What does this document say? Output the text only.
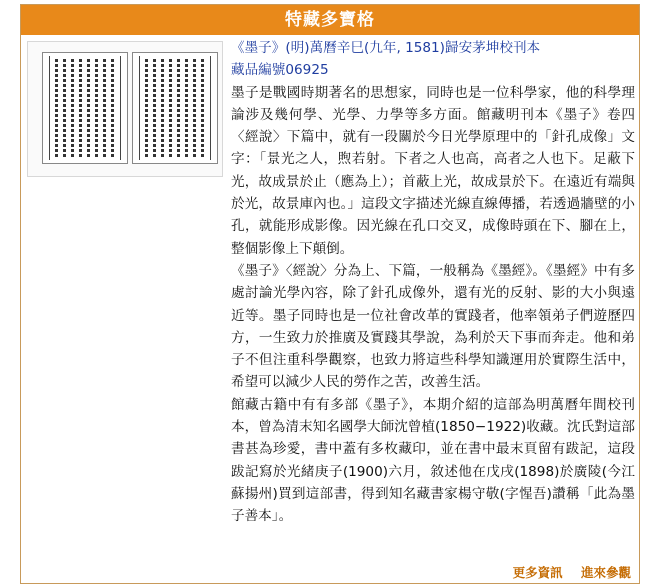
特藏多寶格
《墨子》(明)萬曆辛巳(九年, 1581)歸安茅坤校刊本
藏品編號06925

墨子是戰國時期著名的思想家，同時也是一位科學家，他的科學理論涉及幾何學、光學、力學等多方面。館藏明刊本《墨子》卷四〈經說〉下篇中，就有一段關於今日光學原理中的「針孔成像」文字：「景光之人，煦若射。下者之人也高，高者之人也下。足蔽下光，故成景於止（應為上）；首蔽上光，故成景於下。在遠近有端與於光，故景庫內也。」這段文字描述光線直線傳播，若透過牆壁的小孔，就能形成影像。因光線在孔口交叉，成像時頭在下、腳在上，整個影像上下顛倒。

《墨子》〈經說〉分為上、下篇，一般稱為《墨經》。《墨經》中有多處討論光學內容，除了針孔成像外，還有光的反射、影的大小與遠近等。墨子同時也是一位社會改革的實踐者，他率領弟子們遊歷四方，一生致力於推廣及實踐其學說，為利於天下事而奔走。他和弟子不但注重科學觀察，也致力將這些科學知識運用於實際生活中，希望可以減少人民的勞作之苦，改善生活。

館藏古籍中有有多部《墨子》，本期介紹的這部為明萬曆年間校刊本，曾為清末知名國學大師沈曾植(1850−1922)收藏。沈氏對這部書甚為珍愛，書中蓋有多枚藏印，並在書中最末頁留有跋記，這段跋記寫於光緒庚子(1900)六月，敘述他在戊戌(1898)於廣陵(今江蘇揚州)買到這部書，得到知名藏書家楊守敬(字惺吾)讚稱「此為墨子善本」。

更多資訊 進來參觀
